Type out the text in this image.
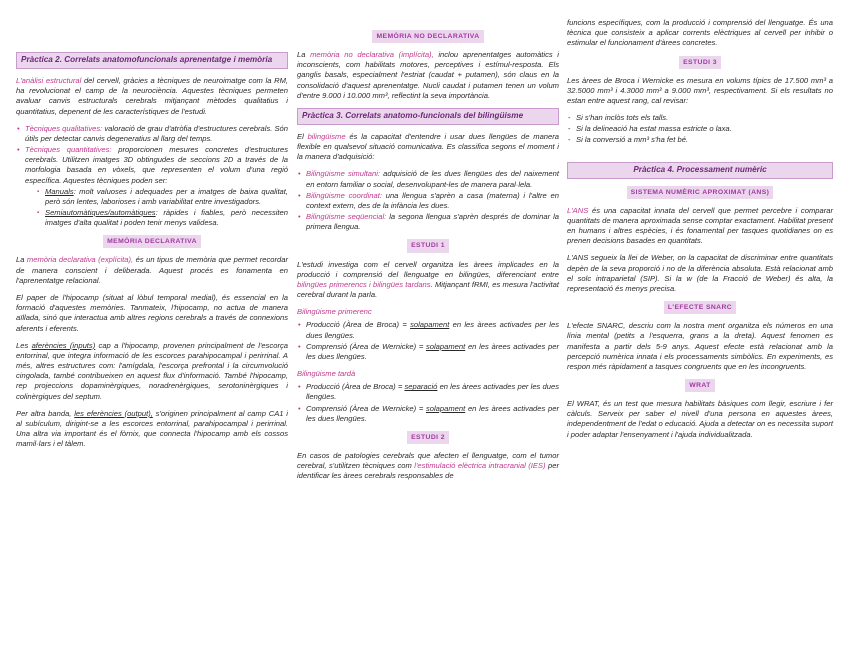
Pràctica 2. Correlats anatomofuncionals aprenentatge i memòria

L'anàlisi estructural del cervell, gràcies a tècniques de neuroimatge com la RM, ha revolucionat el camp de la neurociència. Aquestes tècniques permeten avaluar canvis estructurals cerebrals mitjançant mètodes qualitatius i quantitatius, depenent de les característiques de l'estudi.

• Tècniques qualitatives: valoració de grau d'atròfia d'estructures cerebrals. Són útils per detectar canvis degeneratius al llarg del temps.
• Tècniques quantitatives: proporcionen mesures concretes d'estructures cerebrals. Utilitzen imatges 3D obtingudes de seccions 2D a través de la morfologia basada en vòxels, que representen el volum d'una regió específica. Aquestes tècniques poden ser:
▪ Manuals: molt valuoses i adequades per a imatges de baixa qualitat, però són lentes, laborioses i amb variabilitat entre investigadors.
▪ Semiautomàtiques/automàtiques: ràpides i fiables, però necessiten imatges d'alta qualitat i poden tenir menys validesa.
MEMÒRIA DECLARATIVA

La memòria declarativa (explícita), és un tipus de memòria que permet recordar de manera conscient i deliberada. Aquest procés es fonamenta en l'aprenentatge relacional.

El paper de l'hipocamp (situat al lòbul temporal medial), és essencial en la formació d'aquestes memòries. Tanmateix, l'hipocamp, no actua de manera aïllada, sinó que interactua amb altres regions cerebrals a través de connexions aferents i eferents.

Les aferències (inputs) cap a l'hipocamp, provenen principalment de l'escorça entorrinal, que integra informació de les escorces parahipocampal i perirrinal. A més, altres estructures com: l'amígdala, l'escorça prefrontal i la circumvolució cingolada, també contribueixen en aquest flux d'informació. També l'hipocamp, rep projeccions dopaminèrgiques, noradrenèrgiques, serotoninèrgiques i colinèrgiques del septum.

Per altra banda, les eferències (output), s'originen principalment al camp CA1 i al subículum, dirigint-se a les escorces entorrinal, parahipocampal i perirrinal. Una altra via important és el fòrnix, que connecta l'hipocamp amb els cossos mamil·lars i el tàlem.

MEMÒRIA NO DECLARATIVA

La memòria no declarativa (implícita), inclou aprenentatges automàtics i inconscients, com habilitats motores, perceptives i estímul-resposta. Els ganglis basals, especialment l'estriat (caudat + putamen), són claus en la consolidació d'aquest aprenentatge. Nucli caudat i putamen tenen un volum d'entre 9.000 i 10.000 mm³, reflectint la seva importància.

Pràctica 3. Correlats anatomo-funcionals del bilingüisme

El bilingüisme és la capacitat d'entendre i usar dues llengües de manera flexible en qualsevol situació comunicativa. Es classifica segons el moment i la manera d'adquisició:

• Bilingüisme simultani: adquisició de les dues llengües des del naixement en entorn familiar o social, desenvolupant-les de manera paral·lela.
• Bilingüisme coordinat: una llengua s'aprèn a casa (materna) i l'altre en context extern, des de la infància les dues.
• Bilingüisme seqüencial: la segona llengua s'aprèn després de dominar la primera llengua.
ESTUDI 1

L'estudi investiga com el cervell organitza les àrees implicades en la producció i comprensió del llenguatge en bilingües, diferenciant entre bilingües primerencs i bilingües tardans. Mitjançant fRMI, es mesura l'activitat cerebral durant la parla.

Bilingüisme primerenc
• Producció (Àrea de Broca) = solapament en les àrees activades per les dues llengües.
• Comprensió (Àrea de Wernicke) = solapament en les àrees activades per les dues llengües.
Bilingüisme tardà
• Producció (Àrea de Broca) = separació en les àrees activades per les dues llengües.
• Comprensió (Àrea de Wernicke) = solapament en les àrees activades per les dues llengües.
ESTUDI 2

En casos de patologies cerebrals que afecten el llenguatge, com el tumor cerebral, s'utilitzen tècniques com l'estimulació elèctrica intracranial (IES) per identificar les àrees cerebrals responsables de

funcions específiques, com la producció i comprensió del llenguatge. És una tècnica que consisteix a aplicar corrents elèctriques al cervell per inhibir o estimular el funcionament d'àrees concretes.

ESTUDI 3

Les àrees de Broca i Wernicke es mesura en volums típics de 17.500 mm³ a 32.5000 mm³ i 4.3000 mm³ a 9.000 mm³, respectivament. Si els resultats no estan entre aquest rang, cal revisar:

- Si s'han inclòs tots els talls.
- Si la delineació ha estat massa estricte o laxa.
- Si la conversió a mm³ s'ha fet bé.
Pràctica 4. Processament numèric
SISTEMA NUMÈRIC APROXIMAT (ANS)

L'ANS és una capacitat innata del cervell que permet percebre i comparar quantitats de manera aproximada sense comptar exactament. Habilitat present en humans i altres espècies, i és fonamental per tasques quotidianes on es prenen decisions basades en quantitats.

L'ANS segueix la llei de Weber, on la capacitat de discriminar entre quantitats depèn de la seva proporció i no de la diferència absoluta. Està relacionat amb el solc intraparietal (SIP). Si la w (de la Fracció de Weber) és alta, la representació és menys precisa.

L'EFECTE SNARC

L'efecte SNARC, descriu com la nostra ment organitza els números en una línia mental (petits a l'esquerra, grans a la dreta). Aquest fenomen es manifesta a partir dels 5-9 anys. Aquest efecte està relacionat amb la percepció numèrica innata i els processaments simbòlics. En experiments, es respon més ràpidament a tasques congruents que en les incongruents.

WRAT

El WRAT, és un test que mesura habilitats bàsiques com llegir, escriure i fer càlculs. Serveix per saber el nivell d'una persona en aquestes àrees, independentment de l'edat o educació. Ajuda a detectar on es necessita suport i poder adaptar l'ensenyament i l'ajuda individualitzada.
